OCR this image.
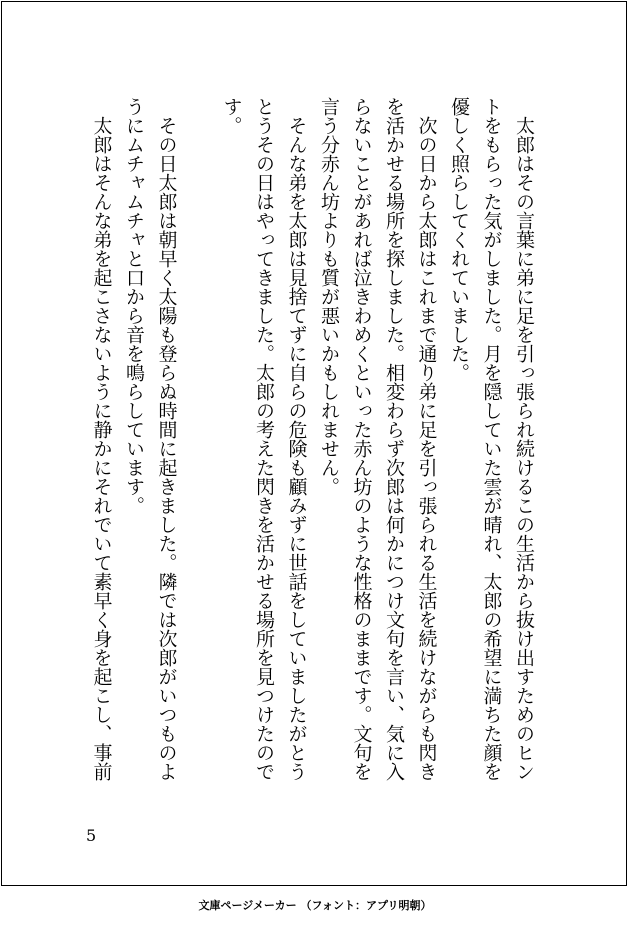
太郎はその言葉に弟に足を引っ張られ続けるこの生活から抜け出すためのヒントをもらった気がしました。月を隠していた雲が晴れ、太郎の希望に満ちた顔を優しく照らしてくれていました。

次の日から太郎はこれまで通り弟に足を引っ張られる生活を続けながらも閃きを活かせる場所を探しました。相変わらず次郎は何かにつけ文句を言い、気に入らないことがあれば泣きわめくといった赤ん坊のような性格のままです。文句を言う分赤ん坊よりも質が悪いかもしれません。

そんな弟を太郎は見捨てずに自らの危険も顧みずに世話をしていましたがとうとうその日はやってきました。太郎の考えた閃きを活かせる場所を見つけたのです。

その日太郎は朝早く太陽も登らぬ時間に起きました。隣では次郎がいつものようにムチャムチャと口から音を鳴らしています。

太郎はそんな弟を起こさないように静かにそれでいて素早く身を起こし、事前

5
文庫ページメーカー （フォント：アプリ明朝）
